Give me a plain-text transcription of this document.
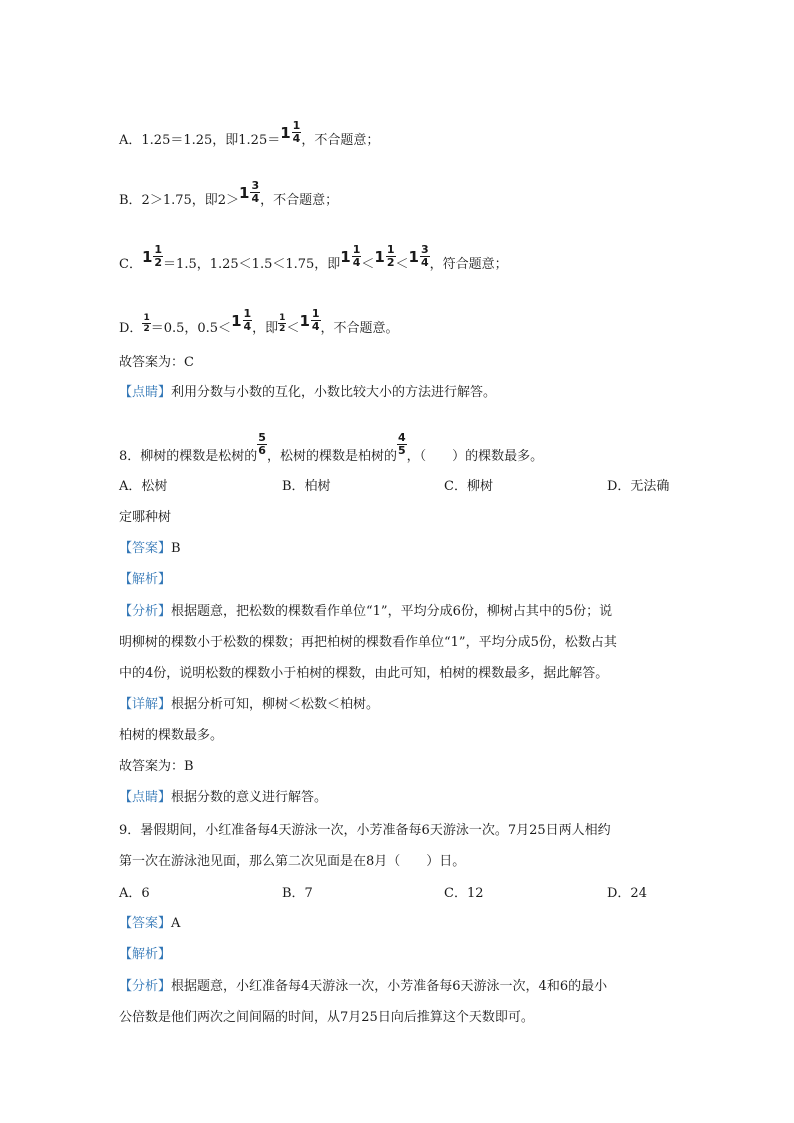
A．1.25＝1.25，即$1.25= 1 \frac{1}{4}$ ，不合题意；
B．2＞1.75，即$2> 1 \frac{3}{4}$ ，不合题意；
C． $1 \frac{1}{2} =1.5$，1.25＜1.5＜1.75，即 $1 \frac{1}{4} < 1 \frac{1}{2} < 1 \frac{3}{4}$ ，符合题意；
D． $\frac{1}{2} =0.5$，$0.5< 1 \frac{1}{4}$ ，即 $\frac{1}{2} < 1 \frac{1}{4}$ ，不合题意。
故答案为：C
【点睛】利用分数与小数的互化，小数比较大小的方法进行解答。
8．柳树的棵数是松树的 $\frac{5}{6}$ ，松树的棵数是柏树的 $\frac{4}{5}$ ，（　　）的棵数最多。
A．松树	B．柏树	C．柳树	D．无法确
定哪种树
【答案】B
【解析】
【分析】根据题意，把松数的棵数看作单位“1”，平均分成6份，柳树占其中的5份；说
明柳树的棵数小于松数的棵数；再把柏树的棵数看作单位“1”，平均分成5份，松数占其
中的4份，说明松数的棵数小于柏树的棵数，由此可知，柏树的棵数最多，据此解答。
【详解】根据分析可知，柳树＜松数＜柏树。
柏树的棵数最多。
故答案为：B
【点睛】根据分数的意义进行解答。
9．暑假期间，小红准备每4天游泳一次，小芳准备每6天游泳一次。7月25日两人相约
第一次在游泳池见面，那么第二次见面是在8月（　　）日。
A．6	B．7	C．12	D．24
【答案】A
【解析】
【分析】根据题意，小红准备每4天游泳一次，小芳准备每6天游泳一次，4和6的最小
公倍数是他们两次之间间隔的时间，从7月25日向后推算这个天数即可。
